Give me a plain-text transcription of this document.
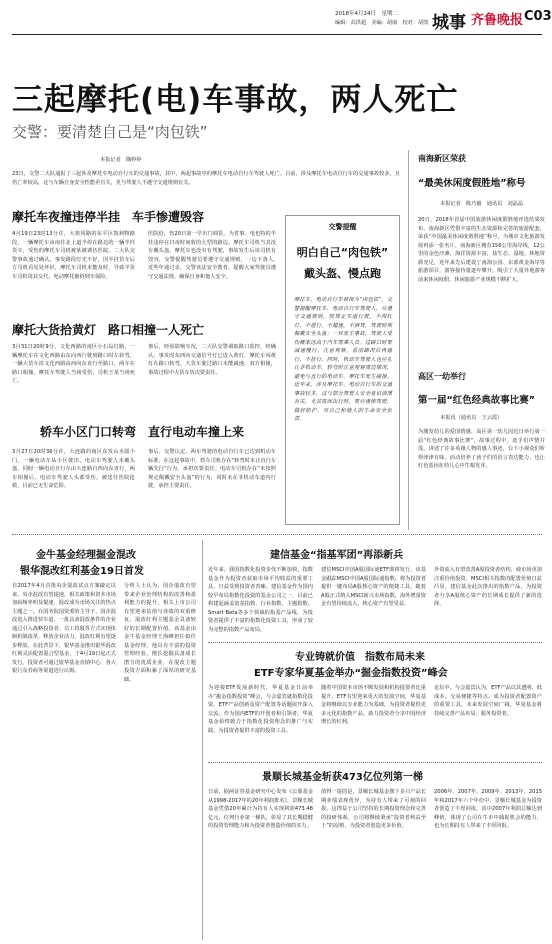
2018年4月24日　星期二
编辑：高洪超　美编：胡康　校对：胡凯 城事 齐鲁晚报 C03
三起摩托(电)车事故，两人死亡
交警：要清楚自己是“肉包铁”
本报记者　陶婷婷
23日，交警二大队通报了三起涉及摩托车电动自行车的交通事故，其中，两起事故中的摩托车电动自行车驾驶人死亡。目前，涉及摩托车电动自行车的交通事故较多，且伤亡率较高，这与车辆自身安全性能差有关，更与驾驶人不遵守交通规则有关。
摩托车夜撞违停半挂　车手惨遭毁容
4月19日23时13分许，大祖同路的东平区凯利物路段，一辆摩托车由南往北上道半停在路边的一辆半挂货车，受伤的摩托车司机被某被诱伍医院。二大队交警事故通过确认，事发路段灯光不好，因半挂货车后方司机看见处坏识，摩托车司机未能及时，导致半货车司机周其交代，电动摩托被拆到车保险。
医院给，伤20日第一早出门调货，为省事，电也特的半挂违停在日夜时间收的大型的路边。摩托车司机当其没有戴头盔，摩托车也没有有驾驶，事故发生后该司机有毁容，交警提醒驾驶员要遵守交通规则，一边下落人。　近些年通过多，交警该法安全教育，提醒大家驾驶员遵守交通法规，确保自身和他人安全。
摩托大货拾黄灯　路口相撞一人死亡
3月31日20时9分，文化西路的南区小石岛灯路，一辆摩托车在文化西路由东向西行驶到路口时左转弯，一辆大货车沿文化西路由西向东直行至路口，两车在路口相撞，摩托车驾驶人当场受伤，司机王某当场死亡。
事后，经验影响车况，二大队交警调取路口监控，经确认，事发时东西向交通信号灯已进入黄灯，摩托车闯黄灯在路口转弯，大货车驶过路口未能减速，双方相撞，事故过程中大货车负次要责任。
轿车小区门口转弯　直行电动车撞上来
3月27日20时36分许，大连路的南区东发山水圆小门，一辆电动车从小区驶出，电动车驾驶人未戴头盔，同时一辆电动自行车由大连路自西向东直行，两车相撞后，电动车驾驶人头部受伤，被送往医院抢救，目前已无生命危险。
事后，交警认定，两车驾驶的电动自行车已达到机动车标准，在这起事故中，轿车司机存在“转弯时未让直行车辆先行”行为，承担次要责任；电动车司机存在“未按照规定佩戴安全头盔”的行为，同时未在非机动车道内行驶，承担主要责任。
交警提醒
明白自己“肉包铁”
戴头盔、慢点跑
摩托车、电动自行车被视为“肉包铁”，交警提醒摩托车、电动自行车驾驶人，应遵守交通规则，按规定车道行驶，不闯红灯，不逆行，不超速，不酒驾，驾驶时须佩戴安全头盔；一旦发生事故，驾驶人受伤概率远高于汽车驾乘人员。过路口时要减速慢行，注意观察，看清路况后再通行，不抢行。同时，机动车驾驶人也应礼让非机动车，转弯时注意观察周边情况，避免与直行的电动车、摩托车发生碰撞。近年来，涉及摩托车、电动自行车的交通事故较多，这与部分驾驶人安全意识淡薄有关，尤其夜间出行时，更应谨慎驾驶，做好防护，对自己和他人的生命安全负责。
南海新区荣获
“最美休闲度假胜地”称号
本报记者　陈乃毅　通讯员　刘晶晶
20日，2018年首届中国旅游休闲度假胜地评选结果发布，南海新区凭借丰富的生态资源和完善的旅游配套，荣获“中国最美休闲度假胜地”称号，为城市文化旅游发展再添一张名片。南海新区拥有156公里海岸线，12公里的金色沙滩，海洋资源丰富，盐生态、湿地、林地资源充足，近年来先后建设了南海公园、东部黄金海岸等旅游项目，游客接待量逐年攀升，吸引了大量外地游客前来休闲度假，休闲旅游产业规模不断扩大。
高区一幼举行
第一届“红色经典故事比赛”
本报讯（通讯员　王云霞）
为激发幼儿的爱国情感，高区第一幼儿园近日举行第一届“红色经典故事比赛”，故事过程中，选手们声情并茂，讲述了许多英雄人物的感人事迹，台下小观众们听得津津有味，活动培养了孩子们的语言表达能力，也让红色基因在幼儿心中生根发芽。
金牛基金经理掘金混改
银华混改红利基金19日首发
自2017年4月首批央企混改试点方案敲定以来，央企混改有望提速，相关政策和资本市场加码频率明显提速，混改成为市场关注的热点主题之一。在国务院国资委的主导下，国企混改进入推进快车道，一批具备混改条件的企业通过引入战略投资者、员工持股等方式实现体制机制改革，释放企业活力，混改红利有望逐步释放。在此背景下，银华基金推出银华混改红利灵活配置混合型基金，于4月19日起正式发行，投资者可通过银华基金直销中心、各大银行及券商等渠道进行认购。
分析人士认为，国企混改有望带来企业治理结构的改善和盈利能力的提升，相关上市公司有望迎来估值与业绩的双重修复，混改红利主题基金具备较好的长期配置价值。该基金由金牛基金经理王海峰担任拟任基金经理，他具有丰富的投资管理经验，擅长挖掘具备成长潜力的优质企业，在混改主题投资方面积累了深厚的研究基础。
建信基金“指基军团”再添新兵
近年来，我国指数化投资步伐不断加快，指数基金作为投资者获取市场平均收益的重要工具，日益受到投资者青睐。建信基金作为国内较早布局指数化投资的基金公司之一，目前已构建起涵盖宽基指数、行业指数、主题指数、Smart Beta等多个领域的指基产品线，为投资者提供了丰富的指数化投资工具，形成了较为完整的指数产品布局。
建信MSCI中国A股国际通ETF即将发行，该基金跟踪MSCI中国A股国际通指数，将为投资者提供一键布局A股核心资产的便捷工具。随着A股正式纳入MSCI新兴市场指数，海外增量资金有望持续流入，核心资产有望受益。
外资流入有望改善A股投资者结构，使市场更加注重价值投资，MSCI相关指数的配置价值日益凸显，建信基金此次推出的指数产品，为投资者分享A股核心资产的长期成长提供了新的选择。
专业铸就价值　指数布局未来
ETF专家华夏基金举办“掘金指数投资”峰会
为迎接ETF发展新时代，华夏基金日前举办“掘金指数投资”峰会，与会嘉宾就指数化投资、ETF产品创新及资产配置等话题展开深入交流。作为国内ETF的开创者和引领者，华夏基金始终致力于指数化投资理念的推广与实践，为投资者提供丰富的投资工具。
随着中国资本市场不断发展和机构投资者比重提升，ETF有望迎来更大的发展空间，华夏基金将继续以专业能力为基础，为投资者提供更多元化的指数产品，助力投资者分享中国经济增长的红利。
论坛中，与会嘉宾认为，ETF产品以其透明、低成本、交易便捷等特点，成为投资者配置资产的重要工具，未来发展空间广阔，华夏基金将持续完善产品布局，服务投资者。
景顺长城基金斩获473亿位列第一梯
日前，据两证券基金研究中心发布《公募基金从1998-2017年的20年利润排名》，景顺长城基金凭借20年累计为持有人实现利润473.48亿元，位列行业第一梯队，彰显了其长期稳健的投资管理能力和为投资者创造价值的实力。
值得一提的是，景顺长城基金旗下多只产品长期业绩表现优异，为持有人带来了可观的回报，这得益于公司坚持的长期投资理念和完善的投研体系，公司将继续秉承“投资者利益至上”的原则，为投资者创造更多价值。
2006年、2007年、2009年、2013年、2015年和2017年六个年份中，景顺长城基金为投资者创造了丰厚回报，其中2007年利润总额达到峰值，体现了公司在牛市中捕捉机会的能力，也为长期持有人带来了丰厚回报。
